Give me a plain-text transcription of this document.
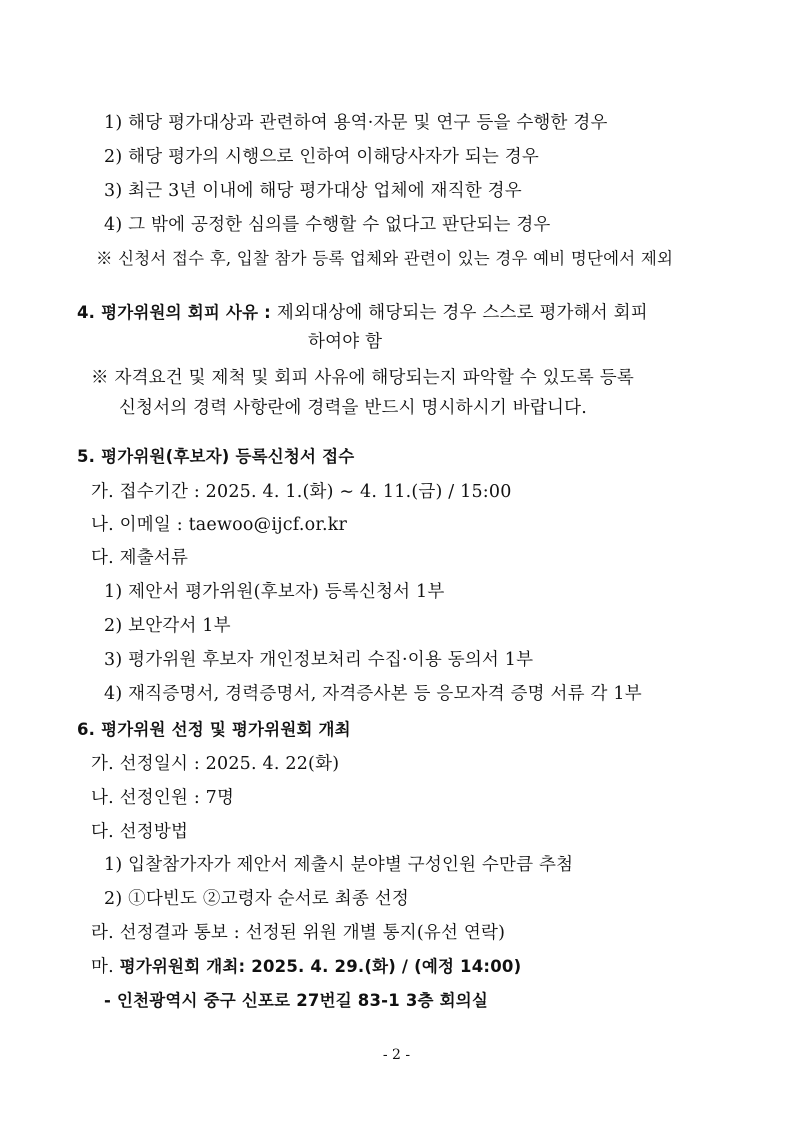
1) 해당 평가대상과 관련하여 용역·자문 및 연구 등을 수행한 경우
2) 해당 평가의 시행으로 인하여 이해당사자가 되는 경우
3) 최근 3년 이내에 해당 평가대상 업체에 재직한 경우
4) 그 밖에 공정한 심의를 수행할 수 없다고 판단되는 경우
※ 신청서 접수 후, 입찰 참가 등록 업체와 관련이 있는 경우 예비 명단에서 제외
4. 평가위원의 회피 사유 : 제외대상에 해당되는 경우 스스로 평가해서 회피
하여야 함
※ 자격요건 및 제척 및 회피 사유에 해당되는지 파악할 수 있도록 등록
신청서의 경력 사항란에 경력을 반드시 명시하시기 바랍니다.
5. 평가위원(후보자) 등록신청서 접수
가. 접수기간 : 2025. 4. 1.(화) ∼ 4. 11.(금) / 15:00
나. 이메일 : taewoo@ijcf.or.kr
다. 제출서류
1) 제안서 평가위원(후보자) 등록신청서 1부
2) 보안각서 1부
3) 평가위원 후보자 개인정보처리 수집·이용 동의서 1부
4) 재직증명서, 경력증명서, 자격증사본 등 응모자격 증명 서류 각 1부
6. 평가위원 선정 및 평가위원회 개최
가. 선정일시 : 2025. 4. 22(화)
나. 선정인원 : 7명
다. 선정방법
1) 입찰참가자가 제안서 제출시 분야별 구성인원 수만큼 추첨
2) ①다빈도 ②고령자 순서로 최종 선정
라. 선정결과 통보 : 선정된 위원 개별 통지(유선 연락)
마. 평가위원회 개최: 2025. 4. 29.(화) / (예정 14:00)
- 인천광역시 중구 신포로 27번길 83-1 3층 회의실
- 2 -
